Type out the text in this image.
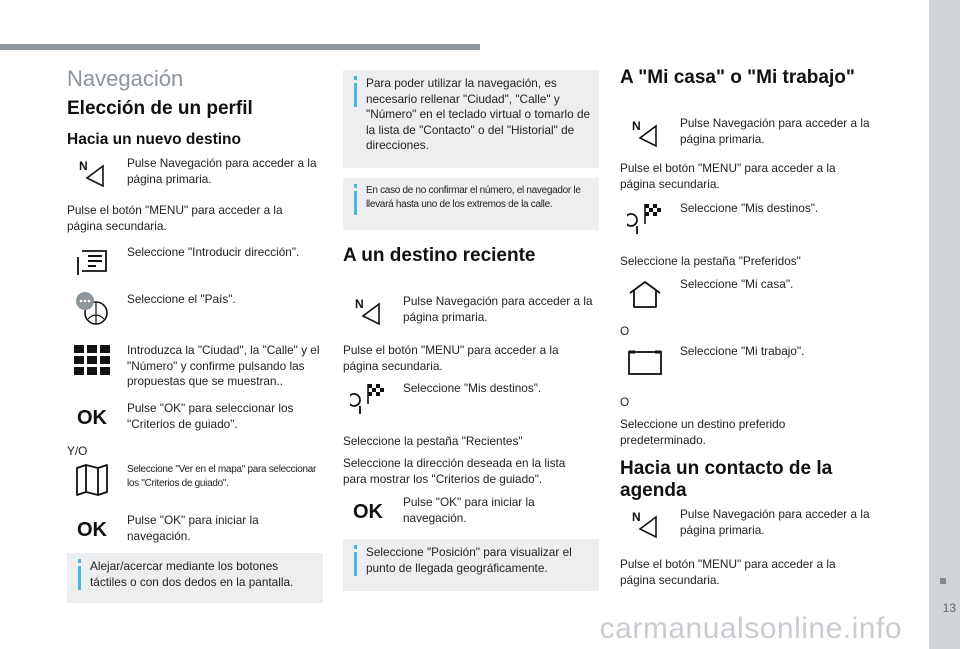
13
carmanualsonline.info
Navegación
Elección de un perfil
Hacia un nuevo destino
N	Pulse Navegación para acceder a la página primaria.

Pulse el botón "MENU" para acceder a la página secundaria.

Seleccione "Introducir dirección".
Seleccione el "País".
Introduzca la "Ciudad", la "Calle" y el "Número" y confirme pulsando las propuestas que se muestran..
OK Pulse "OK" para seleccionar los "Criterios de guiado".

Y/O

Seleccione "Ver en el mapa" para seleccionar los "Criterios de guiado".
OK Pulse "OK" para iniciar la navegación.
Alejar/acercar mediante los botones táctiles o con dos dedos en la pantalla.
Para poder utilizar la navegación, es necesario rellenar "Ciudad", "Calle" y "Número" en el teclado virtual o tomarlo de la lista de "Contacto" o del "Historial" de direcciones.
En caso de no confirmar el número, el navegador le llevará hasta uno de los extremos de la calle.
A un destino reciente
N	Pulse Navegación para acceder a la página primaria.

Pulse el botón "MENU" para acceder a la página secundaria.

Seleccione "Mis destinos".

Seleccione la pestaña "Recientes"

Seleccione la dirección deseada en la lista para mostrar los "Criterios de guiado".

OK Pulse "OK" para iniciar la navegación.
Seleccione "Posición" para visualizar el punto de llegada geográficamente.
A "Mi casa" o "Mi trabajo"
N	Pulse Navegación para acceder a la página primaria.

Pulse el botón "MENU" para acceder a la página secundaria.

Seleccione "Mis destinos".

Seleccione la pestaña "Preferidos"

Seleccione "Mi casa".

O

Seleccione "Mi trabajo".

O

Seleccione un destino preferido predeterminado.

Hacia un contacto de la agenda
N	Pulse Navegación para acceder a la página primaria.

Pulse el botón "MENU" para acceder a la página secundaria.
